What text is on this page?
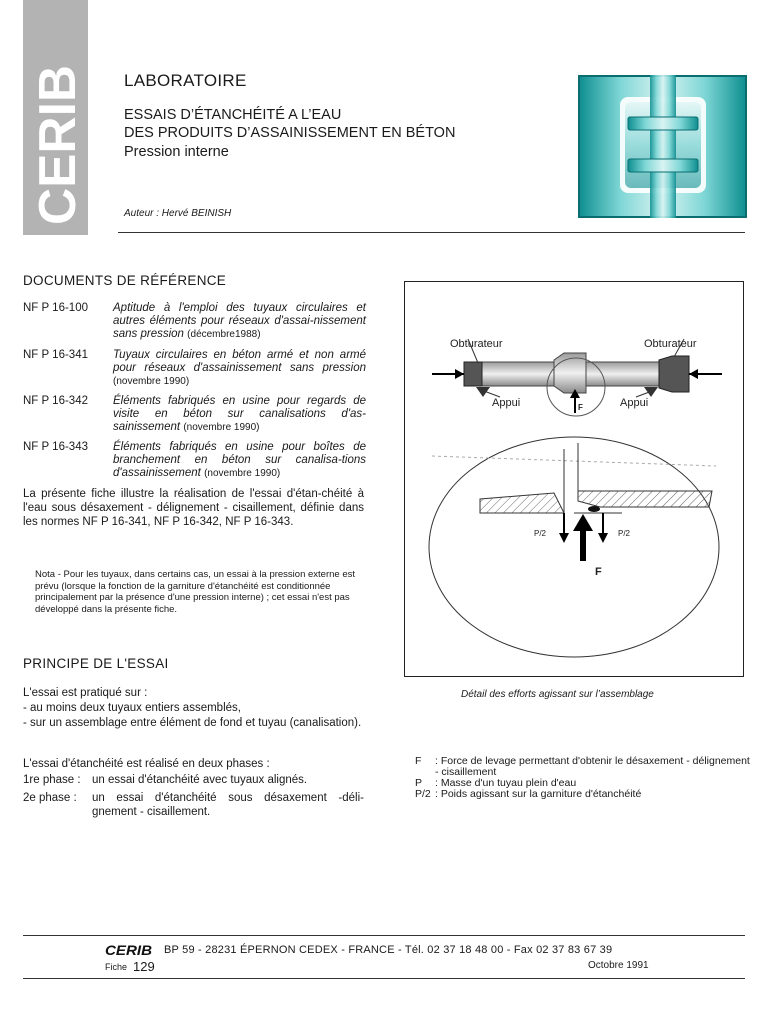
CERIB LABORATOIRE
ESSAIS D’ÉTANCHÉITÉ A L’EAU
DES PRODUITS D’ASSAINISSEMENT EN BÉTON
Pression interne
Auteur : Hervé BEINISH
DOCUMENTS DE RÉFÉRENCE
NF P 16-100 Aptitude à l'emploi des tuyaux circulaires et autres éléments pour réseaux d'assai-nissement sans pression (décembre1988)
NF P 16-341 Tuyaux circulaires en béton armé et non armé pour réseaux d'assainissement sans pression (novembre 1990)
NF P 16-342 Éléments fabriqués en usine pour regards de visite en béton sur canalisations d'as-sainissement (novembre 1990)
NF P 16-343 Éléments fabriqués en usine pour boîtes de branchement en béton sur canalisa-tions d'assainissement (novembre 1990)
La présente fiche illustre la réalisation de l'essai d'étan-chéité à l'eau sous désaxement - délignement - cisaillement, définie dans les normes NF P 16-341, NF P 16-342, NF P 16-343.
Nota - Pour les tuyaux, dans certains cas, un essai à la pression externe est prévu (lorsque la fonction de la garniture d'étanchéité est conditionnée principalement par la présence d'une pression interne) ; cet essai n'est pas développé dans la présente fiche.
PRINCIPE DE L'ESSAI
L'essai est pratiqué sur :
- au moins deux tuyaux entiers assemblés,
- sur un assemblage entre élément de fond et tuyau (canalisation).
L'essai d'étanchéité est réalisé en deux phases :
1re phase : un essai d'étanchéité avec tuyaux alignés.
2e phase : un essai d'étanchéité sous désaxement -déli-gnement - cisaillement.
Obturateur	Obturateur
Appui	Appui
F
P/2	P/2
F
Détail des efforts agissant sur l’assemblage
F : Force de levage permettant d'obtenir le désaxement - délignement - cisaillement
P : Masse d'un tuyau plein d'eau
P/2 : Poids agissant sur la garniture d'étanchéité
CERIB BP 59 - 28231 ÉPERNON CEDEX - FRANCE - Tél. 02 37 18 48 00 - Fax 02 37 83 67 39
Fiche 129	Octobre 1991
